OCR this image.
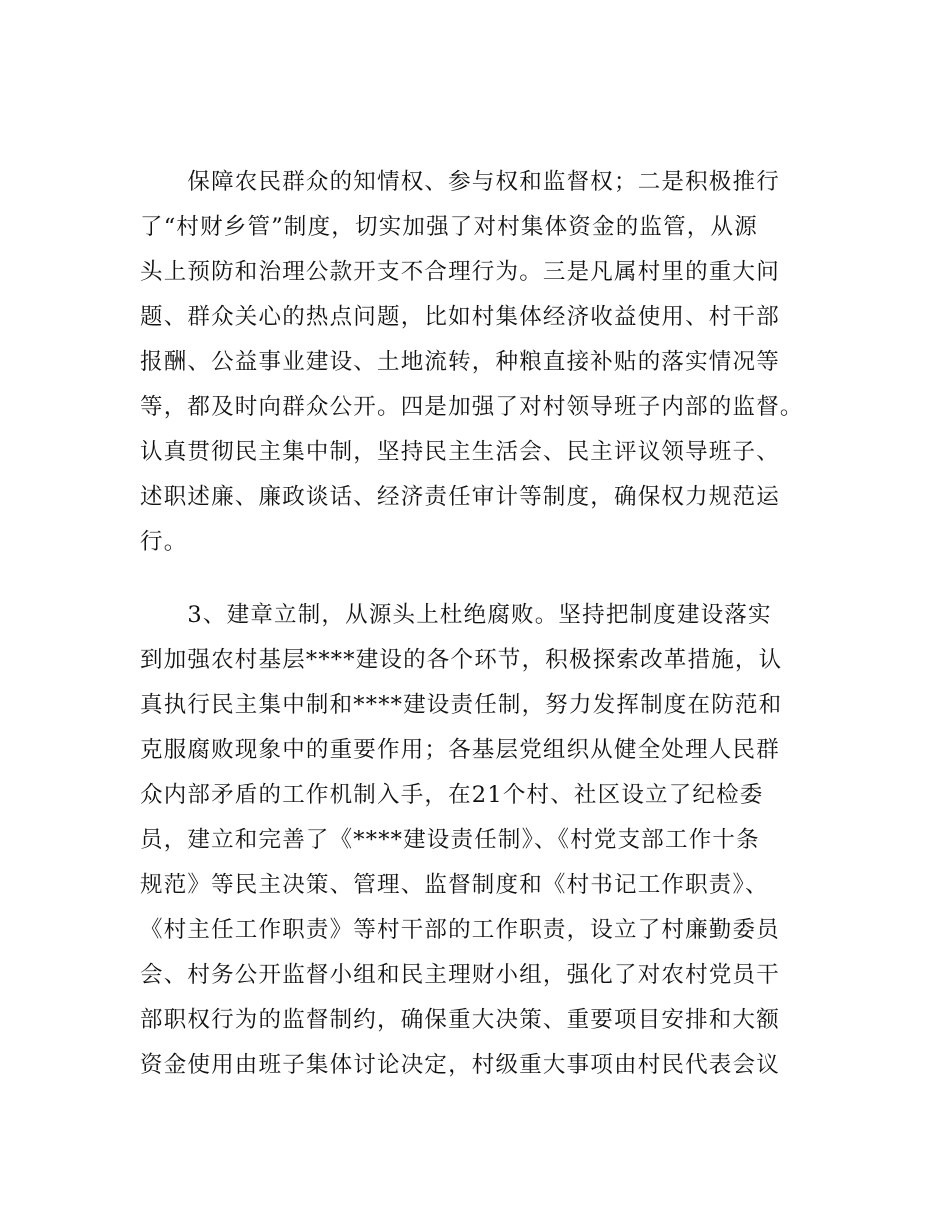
　　保障农民群众的知情权、参与权和监督权；二是积极推行
了“村财乡管”制度，切实加强了对村集体资金的监管，从源
头上预防和治理公款开支不合理行为。三是凡属村里的重大问
题、群众关心的热点问题，比如村集体经济收益使用、村干部
报酬、公益事业建设、土地流转，种粮直接补贴的落实情况等
等，都及时向群众公开。四是加强了对村领导班子内部的监督。
认真贯彻民主集中制，坚持民主生活会、民主评议领导班子、
述职述廉、廉政谈话、经济责任审计等制度，确保权力规范运
行。
　　3、建章立制，从源头上杜绝腐败。坚持把制度建设落实
到加强农村基层****建设的各个环节，积极探索改革措施，认
真执行民主集中制和****建设责任制，努力发挥制度在防范和
克服腐败现象中的重要作用；各基层党组织从健全处理人民群
众内部矛盾的工作机制入手，在21个村、社区设立了纪检委
员，建立和完善了《****建设责任制》、《村党支部工作十条
规范》等民主决策、管理、监督制度和《村书记工作职责》、
《村主任工作职责》等村干部的工作职责，设立了村廉勤委员
会、村务公开监督小组和民主理财小组，强化了对农村党员干
部职权行为的监督制约，确保重大决策、重要项目安排和大额
资金使用由班子集体讨论决定，村级重大事项由村民代表会议
